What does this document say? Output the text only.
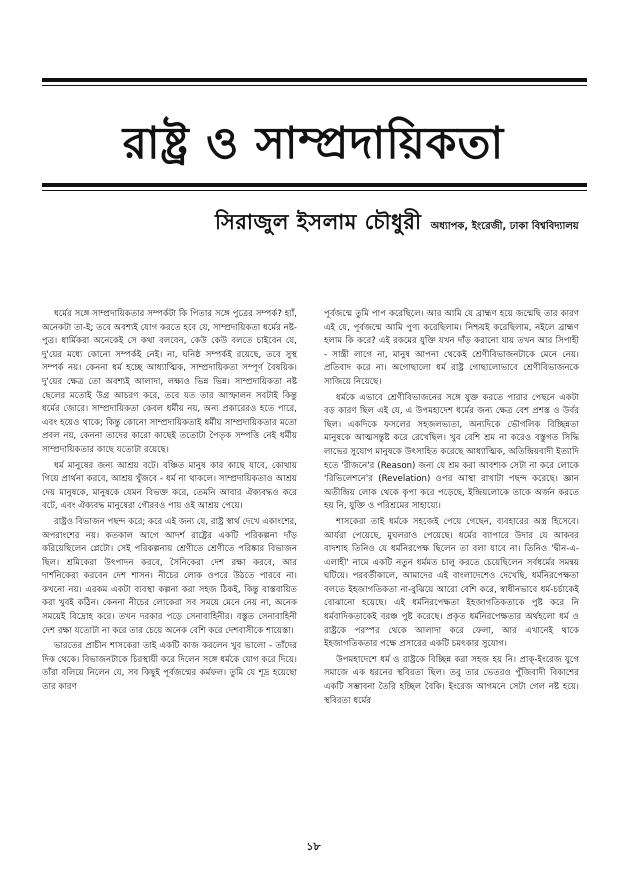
রাষ্ট্র ও সাম্প্রদায়িকতা
সিরাজুল ইসলাম চৌধুরী অধ্যাপক, ইংরেজী, ঢাকা বিশ্ববিদ্যালয়

ধর্মের সঙ্গে সাম্প্রদায়িকতার সম্পর্কটা কি পিতার সঙ্গে পুত্রের সম্পর্ক? হ্যাঁ, অনেকটা তা-ই; তবে অবশ্যই যোগ করতে হবে যে, সাম্প্রদায়িকতা ধর্মের নষ্ট-পুত্র। ধার্মিকরা অনেকেই সে কথা বলবেন, কেউ কেউ বলতে চাইবেন যে, দু'য়ের মধ্যে কোনো সম্পর্কই নেই। না, ঘনিষ্ঠ সম্পর্কই রয়েছে, তবে সুস্থ সম্পর্ক নয়। কেননা ধর্ম হচ্ছে আধ্যাত্মিক, সাম্প্রদায়িকতা সম্পূর্ণ বৈষয়িক। দু'য়ের ক্ষেত্র তো অবশ্যই আলাদা, লক্ষ্যও ভিন্ন ভিন্ন। সাম্প্রদায়িকতা নষ্ট ছেলের মতোই উগ্র আচরণ করে, তবে যত তার আস্ফালন সবটাই কিন্তু ধর্মের জোরে। সাম্প্রদায়িকতা কেবল ধর্মীয় নয়, অন্য প্রকারেরও হতে পারে, এবং হয়েও থাকে; কিন্তু কোনো সাম্প্রদায়িকতাই ধর্মীয় সাম্প্রদায়িকতার মতো প্রবল নয়, কেননা তাদের কারো কাছেই ততোটা পৈতৃক সম্পত্তি নেই ধর্মীয় সাম্প্রদায়িকতার কাছে যতোটা রয়েছে।

ধর্ম মানুষের জন্য আশ্রয় বটে। বঞ্চিত মানুষ কার কাছে যাবে, কোথায় গিয়ে প্রার্থনা করবে, আশ্রয় খুঁজবে - ধর্ম না থাকলে। সাম্প্রদায়িকতাও আশ্রয় দেয় মানুষকে, মানুষকে যেমন বিভক্ত করে, তেমনি আবার ঐক্যবদ্ধও করে বটে, এবং ঐক্যবদ্ধ মানুষেরা গৌরবও পায় ওই আশ্রয় পেয়ে।

রাষ্ট্রও বিভাজন পছন্দ করে; করে এই জন্য যে, রাষ্ট্র স্বার্থ দেখে একাংশের, অপরাংশের নয়। কতকাল আগে আদর্শ রাষ্ট্রের একটি পরিকল্পনা দাঁড় করিয়েছিলেন প্লেটো। সেই পরিকল্পনায় শ্রেণীতে শ্রেণীতে পরিষ্কার বিভাজন ছিল। শ্রমিকেরা উৎপাদন করবে, সৈনিকেরা দেশ রক্ষা করবে, আর দার্শনিকেরা করবেন দেশ শাসন। নীচের লোক ওপরে উঠতে পারবে না। কখনো নয়। এরকম একটা ব্যবস্থা কল্পনা করা সহজ ঠিকই, কিন্তু বাস্তবায়িত করা খুবই কঠিন। কেননা নীচের লোকেরা সব সময়ে মেনে নেয় না, অনেক সময়েই বিদ্রোহ করে। তখন দরকার পড়ে সেনাবাহিনীর। বস্তুত সেনাবাহিনী দেশ রক্ষা যতোটা না করে তার চেয়ে অনেক বেশি করে দেশবাসীকে শায়েস্তা।

ভারতের প্রাচীন শাসকেরা তাই একটি কাজ করলেন খুব ভালো - তাঁদের দিক থেকে। বিভাজনটাকে চিরস্থায়ী করে দিলেন সঙ্গে ধর্মকে যোগ করে দিয়ে। তাঁরা বলিয়ে নিলেন যে, সব কিছুই পূর্বজন্মের কর্মফল। তুমি যে শূদ্র হয়েছো তার কারণ

পূর্বজন্মে তুমি পাপ করেছিলে। আর আমি যে ব্রাহ্মণ হয়ে জন্মেছি তার কারণ এই যে, পূর্বজন্মে আমি পুণ্য করেছিলাম। নিশ্চয়ই করেছিলাম, নইলে ব্রাহ্মণ হলাম কি করে? এই রকমের যুক্তি যখন দাঁড় করানো যায় তখন আর সিপাহী - সান্ত্রী লাগে না, মানুষ আপনা থেকেই শ্রেণীবিভাজনটাকে মেনে নেয়। প্রতিবাদ করে না। অগোছালো ধর্ম রাষ্ট্র গোছালোভাবে শ্রেণীবিভাজনকে সাজিয়ে নিয়েছে।

ধর্মকে এভাবে শ্রেণীবিভাজনের সঙ্গে যুক্ত করতে পারার পেছনে একটা বড় কারণ ছিল এই যে, এ উপমহাদেশ ধর্মের জন্য ক্ষেত্র বেশ প্রশস্ত ও উর্বর ছিল। একদিকে ফসলের সহজলভ্যতা, অন্যদিকে ভৌগলিক বিচ্ছিন্নতা মানুষকে আত্মসন্তুষ্ট করে রেখেছিল। খুব বেশি শ্রম না করেও বস্তুগত সিদ্ধি লাভের সুযোগ মানুষকে উৎসাহিত করেছে আধ্যাত্মিক, অতিন্দ্রিয়বাদী ইত্যাদি হতে 'রীজনে'র (Reason) জন্য যে শ্রম করা আবশ্যক সেটা না করে লোকে 'রিভিলেশনে'র (Revelation) ওপর আস্থা রাখাটা পছন্দ করেছে। জ্ঞান অতীন্দ্রিয় লোক থেকে কৃপা করে পড়েছে, ইন্দ্রিয়লোকে তাকে অর্জন করতে হয় নি, যুক্তি ও পরিশ্রমের সাহায্যে।

শাসকেরা তাই ধর্মকে সহজেই পেয়ে গেছেন, ব্যবহারের অস্ত্র হিসেবে। আর্যরা পেয়েছে, মুঘলরাও পেয়েছে। ধর্মের ব্যাপারে উদার যে আকবর বাদশাহ তিনিও যে ধর্মনিরপেক্ষ ছিলেন তা বলা যাবে না। তিনিও 'দ্বীন-এ-এলাহী' নামে একটি নতুন ধর্মমত চালু করতে চেয়েছিলেন সর্বধর্মের সমন্বয় ঘটিয়ে। পরবর্তীকালে, আমাদের এই বাংলাদেশেও দেখেছি, ধর্মনিরপেক্ষতা বলতে ইহজাগতিকতা না-বুঝিয়ে আরো বেশি করে, স্বাধীনভাবে ধর্ম-চর্চাকেই বোঝানো হয়েছে। এই ধর্মনিরপেক্ষতা ইহজাগতিকতাকে পুষ্ট করে নি ধর্মবাদিকতাকেই বরঞ্চ পুষ্ট করেছে। প্রকৃত ধর্মনিরপেক্ষতার অর্থহলো ধর্ম ও রাষ্ট্রকে পরস্পর থেকে আলাদা করে ফেলা, আর এখানেই থাকে ইহজাগতিকতার পক্ষে প্রসারের একটি চমৎকার সুযোগ।

উপমহাদেশে ধর্ম ও রাষ্ট্রকে বিচ্ছিন্ন করা সহজ হয় নি। প্রাক্-ইংরেজ যুগে সমাজে এক ধরনের স্থবিরতা ছিল। তবু তার ভেতরও পুঁজিবাদী বিকাশের একটি সম্ভাবনা তৈরি হচ্ছিল বৈকি। ইংরেজ আগমনে সেটা গেল নষ্ট হয়ে। স্থবিরতা ধর্মের

১৮
